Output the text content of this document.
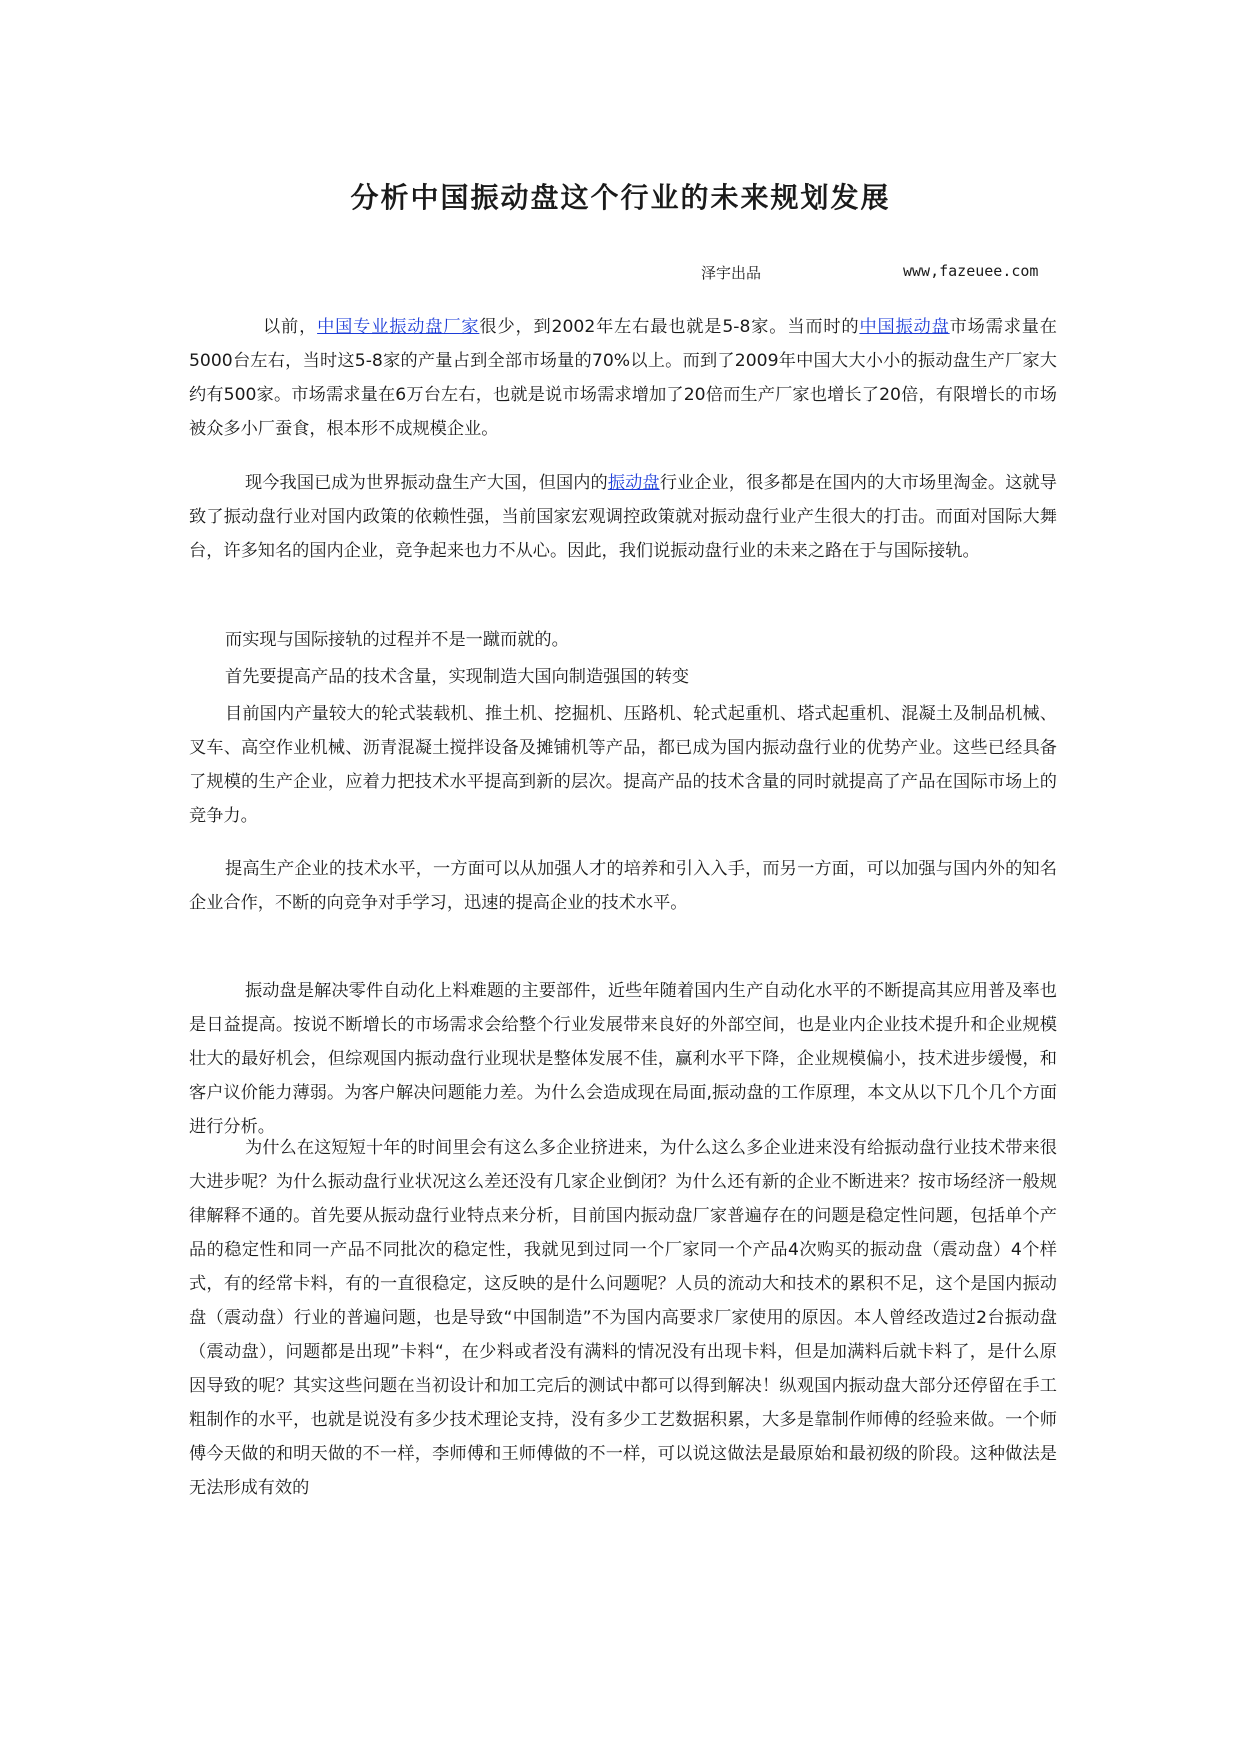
分析中国振动盘这个行业的未来规划发展
泽宇出品	www,fazeuee.com

以前，中国专业振动盘厂家很少，到2002年左右最也就是5-8家。当而时的中国振动盘市场需求量在5000台左右，当时这5-8家的产量占到全部市场量的70%以上。而到了2009年中国大大小小的振动盘生产厂家大约有500家。市场需求量在6万台左右，也就是说市场需求增加了20倍而生产厂家也增长了20倍，有限增长的市场被众多小厂蚕食，根本形不成规模企业。

现今我国已成为世界振动盘生产大国，但国内的振动盘行业企业，很多都是在国内的大市场里淘金。这就导致了振动盘行业对国内政策的依赖性强，当前国家宏观调控政策就对振动盘行业产生很大的打击。而面对国际大舞台，许多知名的国内企业，竞争起来也力不从心。因此，我们说振动盘行业的未来之路在于与国际接轨。

而实现与国际接轨的过程并不是一蹴而就的。

首先要提高产品的技术含量，实现制造大国向制造强国的转变

目前国内产量较大的轮式装载机、推土机、挖掘机、压路机、轮式起重机、塔式起重机、混凝土及制品机械、叉车、高空作业机械、沥青混凝土搅拌设备及摊铺机等产品，都已成为国内振动盘行业的优势产业。这些已经具备了规模的生产企业，应着力把技术水平提高到新的层次。提高产品的技术含量的同时就提高了产品在国际市场上的竞争力。

提高生产企业的技术水平，一方面可以从加强人才的培养和引入入手，而另一方面，可以加强与国内外的知名企业合作，不断的向竞争对手学习，迅速的提高企业的技术水平。

振动盘是解决零件自动化上料难题的主要部件，近些年随着国内生产自动化水平的不断提高其应用普及率也是日益提高。按说不断增长的市场需求会给整个行业发展带来良好的外部空间，也是业内企业技术提升和企业规模壮大的最好机会，但综观国内振动盘行业现状是整体发展不佳，赢利水平下降，企业规模偏小，技术进步缓慢，和客户议价能力薄弱。为客户解决问题能力差。为什么会造成现在局面,振动盘的工作原理，本文从以下几个几个方面进行分析。

为什么在这短短十年的时间里会有这么多企业挤进来，为什么这么多企业进来没有给振动盘行业技术带来很大进步呢？为什么振动盘行业状况这么差还没有几家企业倒闭？为什么还有新的企业不断进来？按市场经济一般规律解释不通的。首先要从振动盘行业特点来分析，目前国内振动盘厂家普遍存在的问题是稳定性问题，包括单个产品的稳定性和同一产品不同批次的稳定性，我就见到过同一个厂家同一个产品4次购买的振动盘（震动盘）4个样式，有的经常卡料，有的一直很稳定，这反映的是什么问题呢？人员的流动大和技术的累积不足，这个是国内振动盘（震动盘）行业的普遍问题，也是导致“中国制造”不为国内高要求厂家使用的原因。本人曾经改造过2台振动盘（震动盘），问题都是出现”卡料“，在少料或者没有满料的情况没有出现卡料，但是加满料后就卡料了，是什么原因导致的呢？其实这些问题在当初设计和加工完后的测试中都可以得到解决！纵观国内振动盘大部分还停留在手工粗制作的水平，也就是说没有多少技术理论支持，没有多少工艺数据积累，大多是靠制作师傅的经验来做。一个师傅今天做的和明天做的不一样，李师傅和王师傅做的不一样，可以说这做法是最原始和最初级的阶段。这种做法是无法形成有效的
